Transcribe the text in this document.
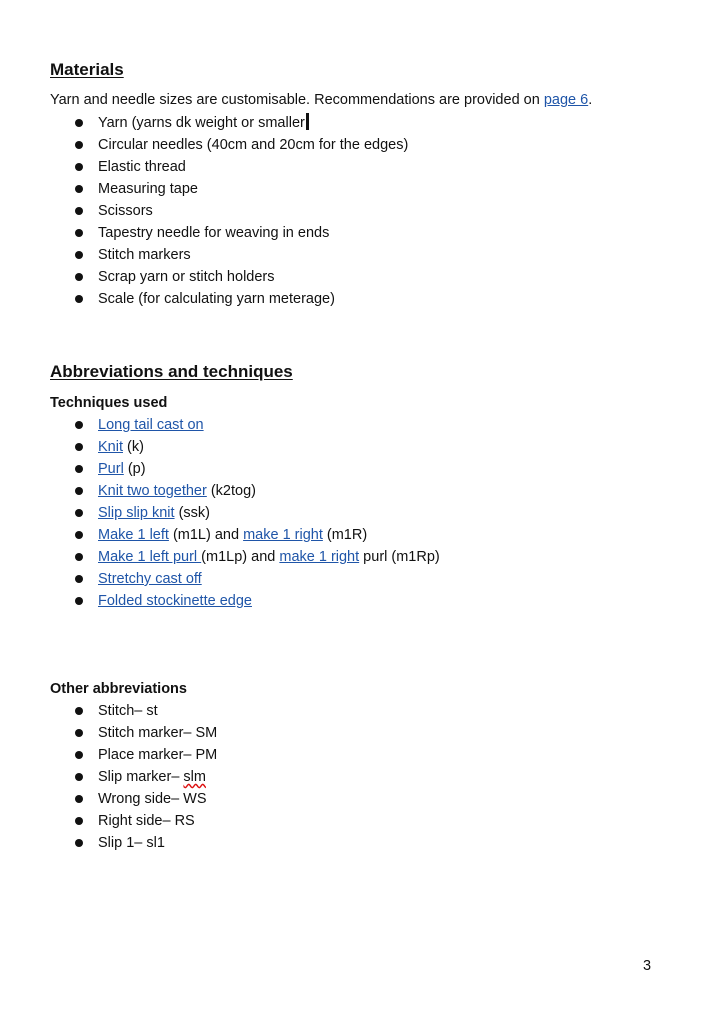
Materials
Yarn and needle sizes are customisable. Recommendations are provided on page 6.
Yarn (yarns dk weight or smaller
Circular needles (40cm and 20cm for the edges)
Elastic thread
Measuring tape
Scissors
Tapestry needle for weaving in ends
Stitch markers
Scrap yarn or stitch holders
Scale (for calculating yarn meterage)
Abbreviations and techniques
Techniques used
Long tail cast on
Knit (k)
Purl (p)
Knit two together (k2tog)
Slip slip knit (ssk)
Make 1 left (m1L) and make 1 right (m1R)
Make 1 left purl (m1Lp) and make 1 right purl (m1Rp)
Stretchy cast off
Folded stockinette edge
Other abbreviations
Stitch– st
Stitch marker– SM
Place marker– PM
Slip marker– slm
Wrong side– WS
Right side– RS
Slip 1– sl1
3
